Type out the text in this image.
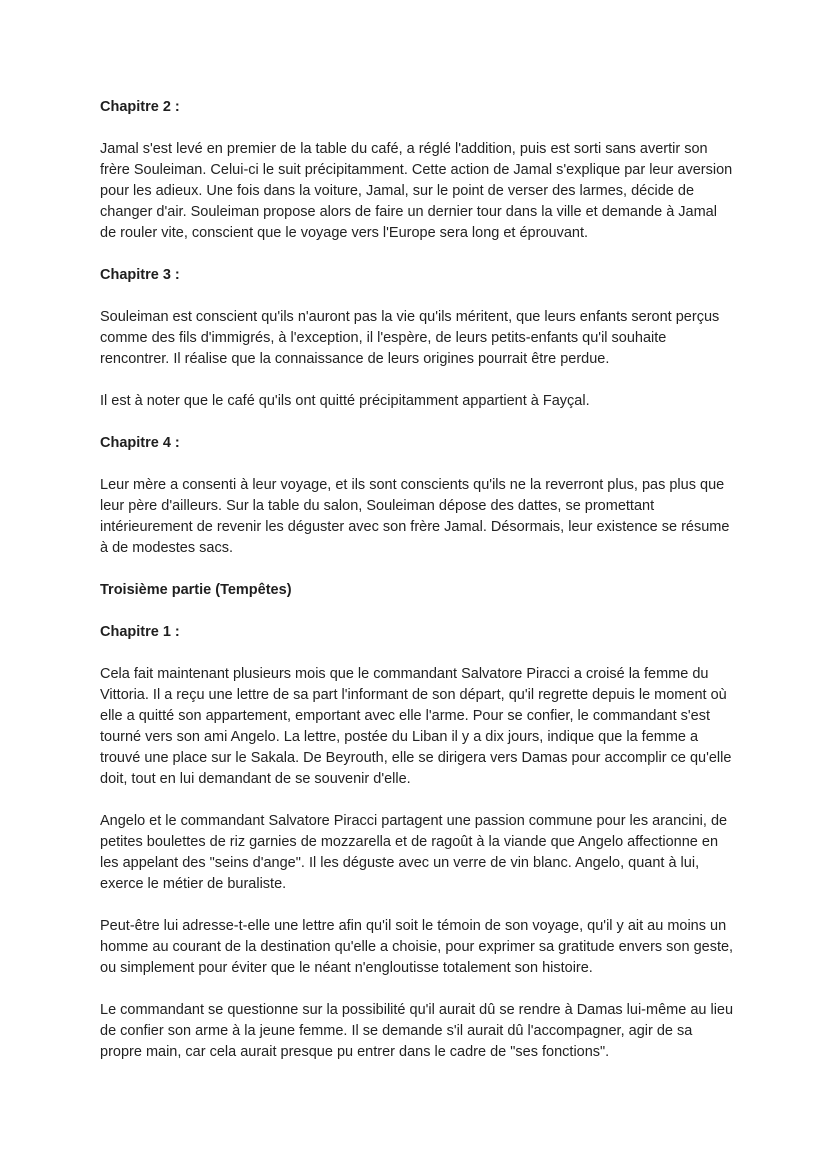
Chapitre 2 :

Jamal s'est levé en premier de la table du café, a réglé l'addition, puis est sorti sans avertir son frère Souleiman. Celui-ci le suit précipitamment. Cette action de Jamal s'explique par leur aversion pour les adieux. Une fois dans la voiture, Jamal, sur le point de verser des larmes, décide de changer d'air. Souleiman propose alors de faire un dernier tour dans la ville et demande à Jamal de rouler vite, conscient que le voyage vers l'Europe sera long et éprouvant.

Chapitre 3 :

Souleiman est conscient qu'ils n'auront pas la vie qu'ils méritent, que leurs enfants seront perçus comme des fils d'immigrés, à l'exception, il l'espère, de leurs petits-enfants qu'il souhaite rencontrer. Il réalise que la connaissance de leurs origines pourrait être perdue.

Il est à noter que le café qu'ils ont quitté précipitamment appartient à Fayçal.

Chapitre 4 :

Leur mère a consenti à leur voyage, et ils sont conscients qu'ils ne la reverront plus, pas plus que leur père d'ailleurs. Sur la table du salon, Souleiman dépose des dattes, se promettant intérieurement de revenir les déguster avec son frère Jamal. Désormais, leur existence se résume à de modestes sacs.

Troisième partie (Tempêtes)
Chapitre 1 :

Cela fait maintenant plusieurs mois que le commandant Salvatore Piracci a croisé la femme du Vittoria. Il a reçu une lettre de sa part l'informant de son départ, qu'il regrette depuis le moment où elle a quitté son appartement, emportant avec elle l'arme. Pour se confier, le commandant s'est tourné vers son ami Angelo. La lettre, postée du Liban il y a dix jours, indique que la femme a trouvé une place sur le Sakala. De Beyrouth, elle se dirigera vers Damas pour accomplir ce qu'elle doit, tout en lui demandant de se souvenir d'elle.

Angelo et le commandant Salvatore Piracci partagent une passion commune pour les arancini, de petites boulettes de riz garnies de mozzarella et de ragoût à la viande que Angelo affectionne en les appelant des "seins d'ange". Il les déguste avec un verre de vin blanc. Angelo, quant à lui, exerce le métier de buraliste.

Peut-être lui adresse-t-elle une lettre afin qu'il soit le témoin de son voyage, qu'il y ait au moins un homme au courant de la destination qu'elle a choisie, pour exprimer sa gratitude envers son geste, ou simplement pour éviter que le néant n'engloutisse totalement son histoire.

Le commandant se questionne sur la possibilité qu'il aurait dû se rendre à Damas lui-même au lieu de confier son arme à la jeune femme. Il se demande s'il aurait dû l'accompagner, agir de sa propre main, car cela aurait presque pu entrer dans le cadre de "ses fonctions".
